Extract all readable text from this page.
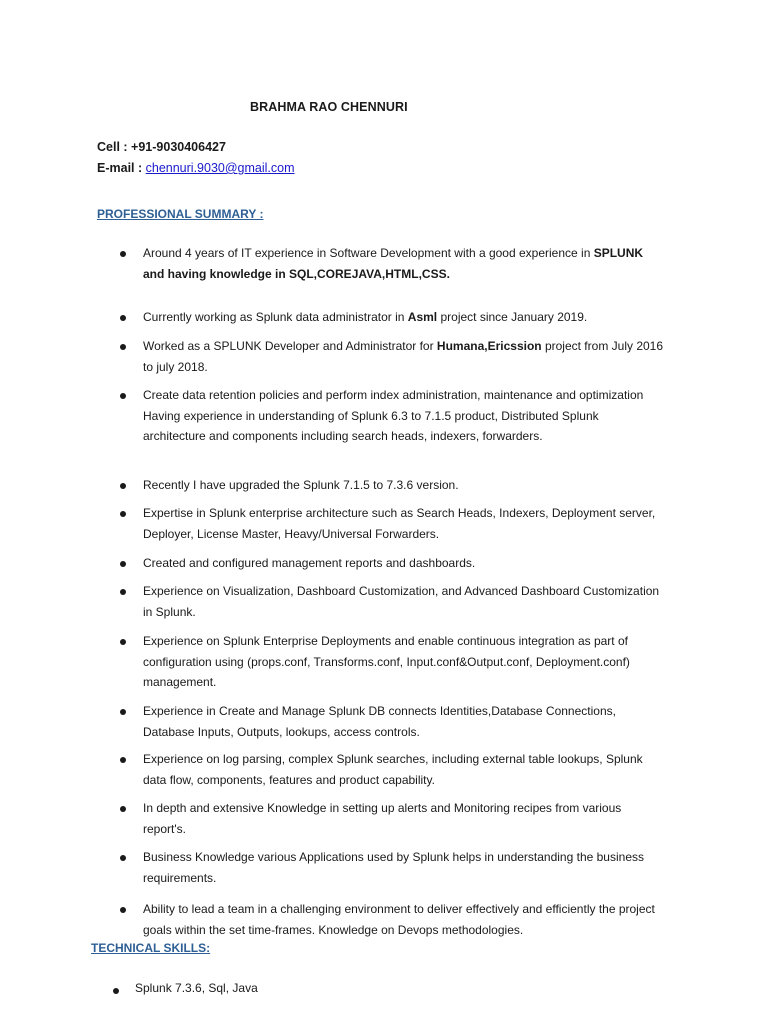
BRAHMA RAO CHENNURI
Cell : +91-9030406427
E-mail : chennuri.9030@gmail.com
PROFESSIONAL SUMMARY :
Around 4 years of IT experience in Software Development with a good experience in SPLUNK and having knowledge in SQL,COREJAVA,HTML,CSS.
Currently working as Splunk data administrator in Asml project since January 2019.
Worked as a SPLUNK Developer and Administrator for Humana,Ericssion project from July 2016 to july 2018.
Create data retention policies and perform index administration, maintenance and optimization Having experience in understanding of Splunk 6.3 to 7.1.5 product, Distributed Splunk architecture and components including search heads, indexers, forwarders.
Recently I have upgraded the Splunk 7.1.5 to 7.3.6 version.
Expertise in Splunk enterprise architecture such as Search Heads, Indexers, Deployment server, Deployer, License Master, Heavy/Universal Forwarders.
Created and configured management reports and dashboards.
Experience on Visualization, Dashboard Customization, and Advanced Dashboard Customization in Splunk.
Experience on Splunk Enterprise Deployments and enable continuous integration as part of configuration using (props.conf, Transforms.conf, Input.conf&Output.conf, Deployment.conf) management.
Experience in Create and Manage Splunk DB connects Identities,Database Connections, Database Inputs, Outputs, lookups, access controls.
Experience on log parsing, complex Splunk searches, including external table lookups, Splunk data flow, components, features and product capability.
In depth and extensive Knowledge in setting up alerts and Monitoring recipes from various report's.
Business Knowledge various Applications used by Splunk helps in understanding the business requirements.
Ability to lead a team in a challenging environment to deliver effectively and efficiently the project goals within the set time-frames. Knowledge on Devops methodologies.
TECHNICAL SKILLS:
Splunk 7.3.6, Sql, Java
